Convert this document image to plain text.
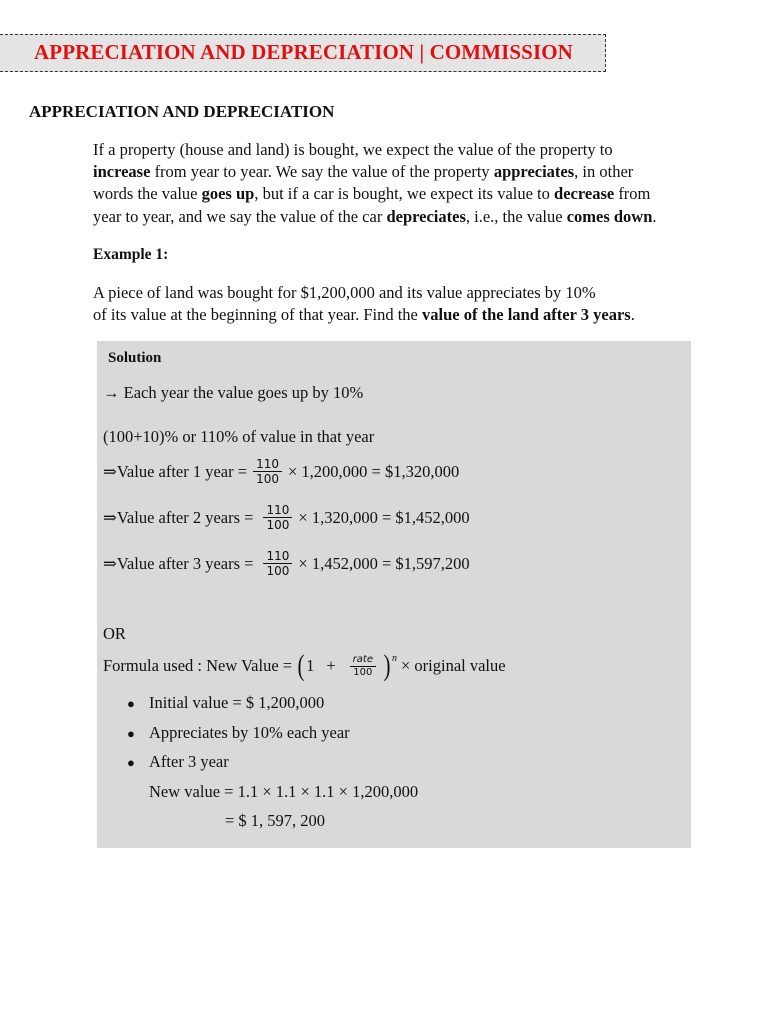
APPRECIATION AND DEPRECIATION | COMMISSION
APPRECIATION AND DEPRECIATION
If a property (house and land) is bought, we expect the value of the property to
increase from year to year. We say the value of the property appreciates, in other
words the value goes up, but if a car is bought, we expect its value to decrease from
year to year, and we say the value of the car depreciates, i.e., the value comes down.
Example 1:
A piece of land was bought for $1,200,000 and its value appreciates by 10%
of its value at the beginning of that year. Find the value of the land after 3 years.
Solution
→ Each year the value goes up by 10%
(100+10)% or 110% of value in that year
⇒Value after 1 year = $\frac{110}{100} \times 1,200,000$ = $1,320,000
⇒Value after 2 years = $\frac{110}{100} \times 1,320,000$ = $1,452,000
⇒Value after 3 years = $\frac{110}{100} \times 1,452,000$ = $1,597,200
OR
Formula used : New Value = ( $1 + \frac{\text{rate}}{100}$ ) n × original value
● Initial value = $ 1,200,000
● Appreciates by 10% each year
● After 3 year
New value = 1.1 × 1.1 × 1.1 × 1,200,000
= $ 1, 597, 200
